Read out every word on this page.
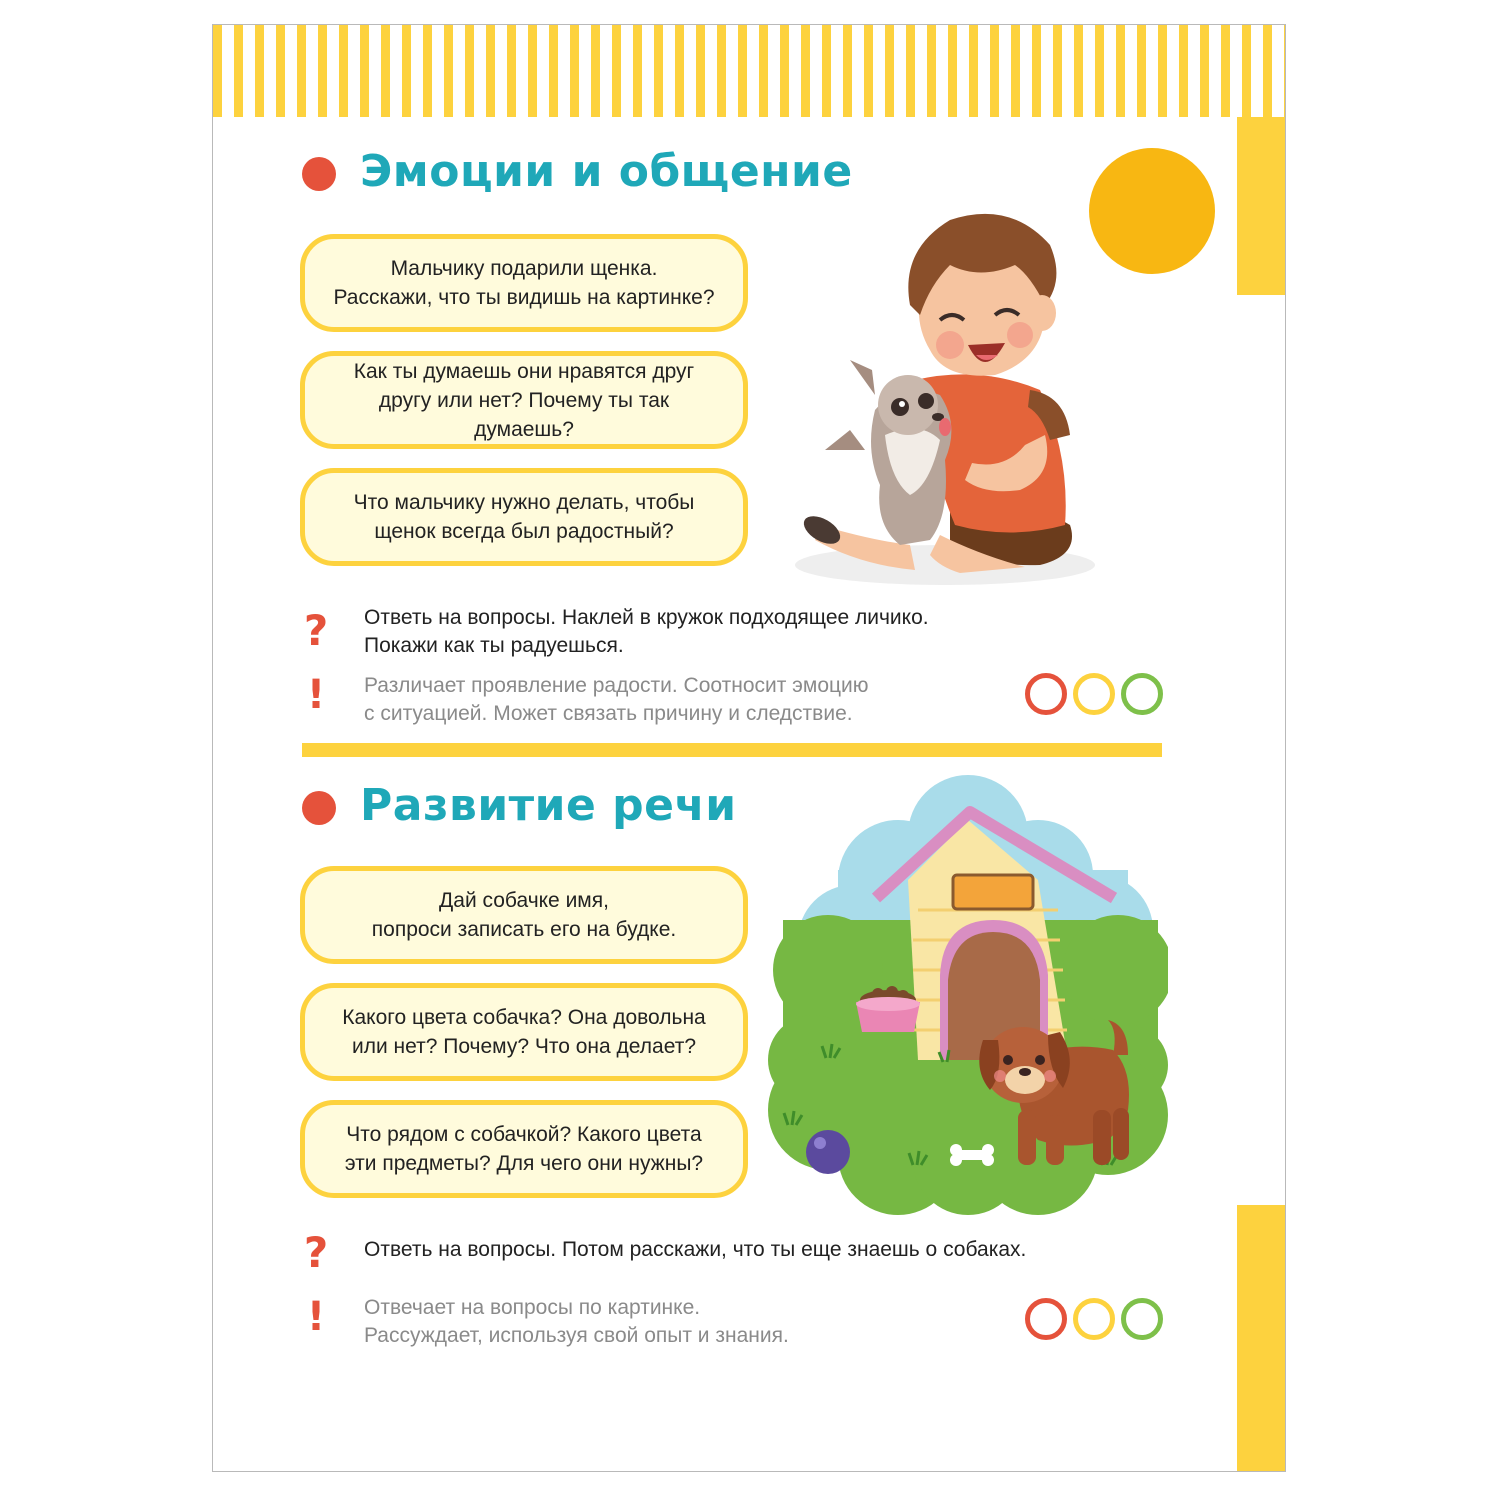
Эмоции и общение
Мальчику подарили щенка.
Расскажи, что ты видишь на картинке?
Как ты думаешь они нравятся друг
другу или нет? Почему ты так думаешь?
Что мальчику нужно делать, чтобы
щенок всегда был радостный?
? Ответь на вопросы. Наклей в кружок подходящее личико.
Покажи как ты радуешься.
!	Различает проявление радости. Соотносит эмоцию
с ситуацией. Может связать причину и следствие.
Развитие речи
Дай собачке имя,
попроси записать его на будке.
Какого цвета собачка? Она довольна
или нет? Почему? Что она делает?
Что рядом с собачкой? Какого цвета
эти предметы? Для чего они нужны?
? Ответь на вопросы. Потом расскажи, что ты еще знаешь о собаках.
!	Отвечает на вопросы по картинке.
Рассуждает, используя свой опыт и знания.
